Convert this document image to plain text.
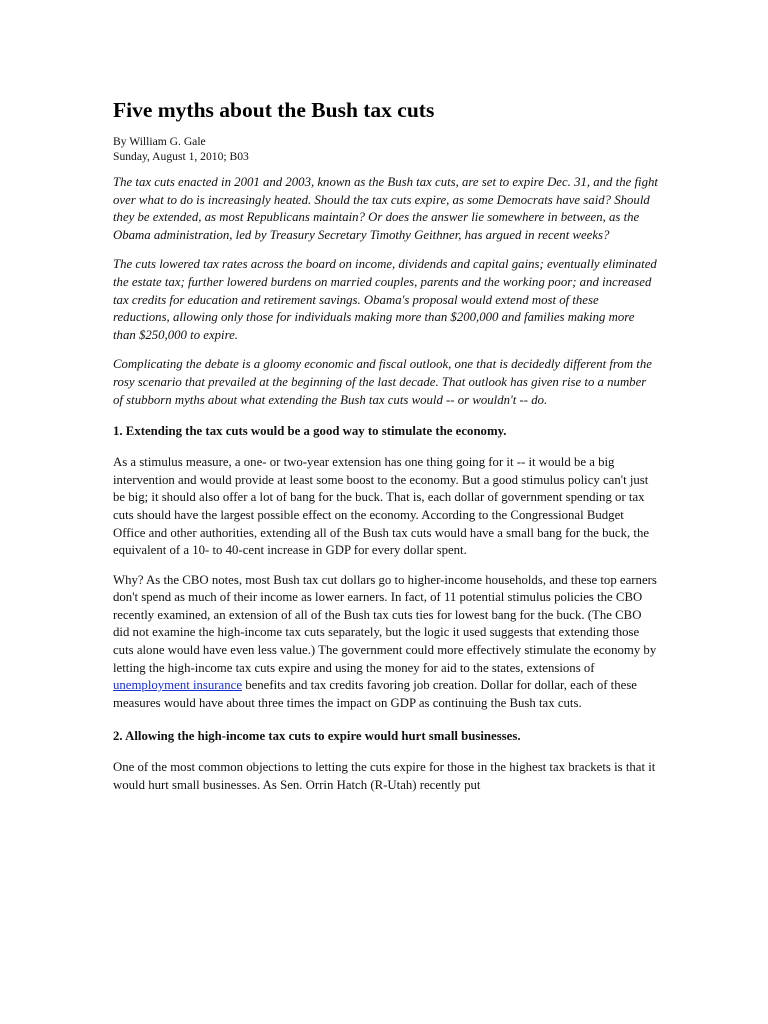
Five myths about the Bush tax cuts

By William G. Gale

Sunday, August 1, 2010; B03

The tax cuts enacted in 2001 and 2003, known as the Bush tax cuts, are set to expire Dec. 31, and the fight over what to do is increasingly heated. Should the tax cuts expire, as some Democrats have said? Should they be extended, as most Republicans maintain? Or does the answer lie somewhere in between, as the Obama administration, led by Treasury Secretary Timothy Geithner, has argued in recent weeks?

The cuts lowered tax rates across the board on income, dividends and capital gains; eventually eliminated the estate tax; further lowered burdens on married couples, parents and the working poor; and increased tax credits for education and retirement savings. Obama's proposal would extend most of these reductions, allowing only those for individuals making more than $200,000 and families making more than $250,000 to expire.

Complicating the debate is a gloomy economic and fiscal outlook, one that is decidedly different from the rosy scenario that prevailed at the beginning of the last decade. That outlook has given rise to a number of stubborn myths about what extending the Bush tax cuts would -- or wouldn't -- do.

1. Extending the tax cuts would be a good way to stimulate the economy.

As a stimulus measure, a one- or two-year extension has one thing going for it -- it would be a big intervention and would provide at least some boost to the economy. But a good stimulus policy can't just be big; it should also offer a lot of bang for the buck. That is, each dollar of government spending or tax cuts should have the largest possible effect on the economy. According to the Congressional Budget Office and other authorities, extending all of the Bush tax cuts would have a small bang for the buck, the equivalent of a 10- to 40-cent increase in GDP for every dollar spent.

Why? As the CBO notes, most Bush tax cut dollars go to higher-income households, and these top earners don't spend as much of their income as lower earners. In fact, of 11 potential stimulus policies the CBO recently examined, an extension of all of the Bush tax cuts ties for lowest bang for the buck. (The CBO did not examine the high-income tax cuts separately, but the logic it used suggests that extending those cuts alone would have even less value.) The government could more effectively stimulate the economy by letting the high-income tax cuts expire and using the money for aid to the states, extensions of unemployment insurance benefits and tax credits favoring job creation. Dollar for dollar, each of these measures would have about three times the impact on GDP as continuing the Bush tax cuts.

2. Allowing the high-income tax cuts to expire would hurt small businesses.

One of the most common objections to letting the cuts expire for those in the highest tax brackets is that it would hurt small businesses. As Sen. Orrin Hatch (R-Utah) recently put
